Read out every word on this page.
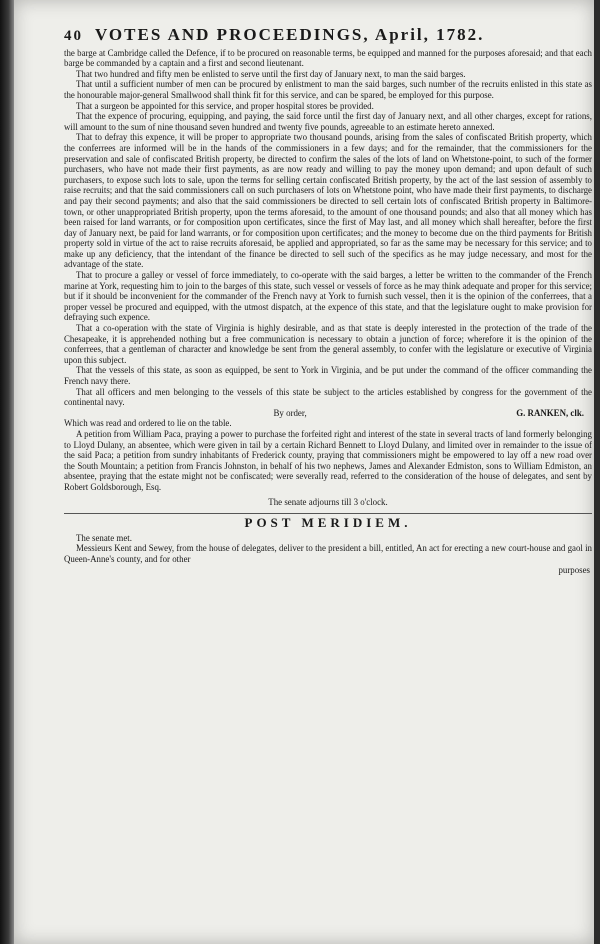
40 VOTES AND PROCEEDINGS, April, 1782.

the barge at Cambridge called the Defence, if to be procured on reasonable terms, be equipped and manned for the purposes aforesaid; and that each barge be commanded by a captain and a first and second lieutenant.

That two hundred and fifty men be enlisted to serve until the first day of January next, to man the said barges.

That until a sufficient number of men can be procured by enlistment to man the said barges, such number of the recruits enlisted in this state as the honourable major-general Smallwood shall think fit for this service, and can be spared, be employed for this purpose.

That a surgeon be appointed for this service, and proper hospital stores be provided.

That the expence of procuring, equipping, and paying, the said force until the first day of January next, and all other charges, except for rations, will amount to the sum of nine thousand seven hundred and twenty five pounds, agreeable to an estimate hereto annexed.

That to defray this expence, it will be proper to appropriate two thousand pounds, arising from the sales of confiscated British property, which the conferrees are informed will be in the hands of the commissioners in a few days; and for the remainder, that the commissioners for the preservation and sale of confiscated British property, be directed to confirm the sales of the lots of land on Whetstone-point, to such of the former purchasers, who have not made their first payments, as are now ready and willing to pay the money upon demand; and upon default of such purchasers, to expose such lots to sale, upon the terms for selling certain confiscated British property, by the act of the last session of assembly to raise recruits; and that the said commissioners call on such purchasers of lots on Whetstone point, who have made their first payments, to discharge and pay their second payments; and also that the said commissioners be directed to sell certain lots of confiscated British property in Baltimore-town, or other unappropriated British property, upon the terms aforesaid, to the amount of one thousand pounds; and also that all money which has been raised for land warrants, or for composition upon certificates, since the first of May last, and all money which shall hereafter, before the first day of January next, be paid for land warrants, or for composition upon certificates; and the money to become due on the third payments for British property sold in virtue of the act to raise recruits aforesaid, be applied and appropriated, so far as the same may be necessary for this service; and to make up any deficiency, that the intendant of the finance be directed to sell such of the specifics as he may judge necessary, and most for the advantage of the state.

That to procure a galley or vessel of force immediately, to co-operate with the said barges, a letter be written to the commander of the French marine at York, requesting him to join to the barges of this state, such vessel or vessels of force as he may think adequate and proper for this service; but if it should be inconvenient for the commander of the French navy at York to furnish such vessel, then it is the opinion of the conferrees, that a proper vessel be procured and equipped, with the utmost dispatch, at the expence of this state, and that the legislature ought to make provision for defraying such expence.

That a co-operation with the state of Virginia is highly desirable, and as that state is deeply interested in the protection of the trade of the Chesapeake, it is apprehended nothing but a free communication is necessary to obtain a junction of force; wherefore it is the opinion of the conferrees, that a gentleman of character and knowledge be sent from the general assembly, to confer with the legislature or executive of Virginia upon this subject.

That the vessels of this state, as soon as equipped, be sent to York in Virginia, and be put under the command of the officer commanding the French navy there.

That all officers and men belonging to the vessels of this state be subject to the articles established by congress for the government of the continental navy.

By order,	G. RANKEN, clk.

Which was read and ordered to lie on the table.

A petition from William Paca, praying a power to purchase the forfeited right and interest of the state in several tracts of land formerly belonging to Lloyd Dulany, an absentee, which were given in tail by a certain Richard Bennett to Lloyd Dulany, and limited over in remainder to the issue of the said Paca; a petition from sundry inhabitants of Frederick county, praying that commissioners might be empowered to lay off a new road over the South Mountain; a petition from Francis Johnston, in behalf of his two nephews, James and Alexander Edmiston, sons to William Edmiston, an absentee, praying that the estate might not be confiscated; were severally read, referred to the consideration of the house of delegates, and sent by Robert Goldsborough, Esq.

The senate adjourns till 3 o'clock.

POST MERIDIEM.

The senate met.

Messieurs Kent and Sewey, from the house of delegates, deliver to the president a bill, entitled, An act for erecting a new court-house and gaol in Queen-Anne's county, and for other

purposes
